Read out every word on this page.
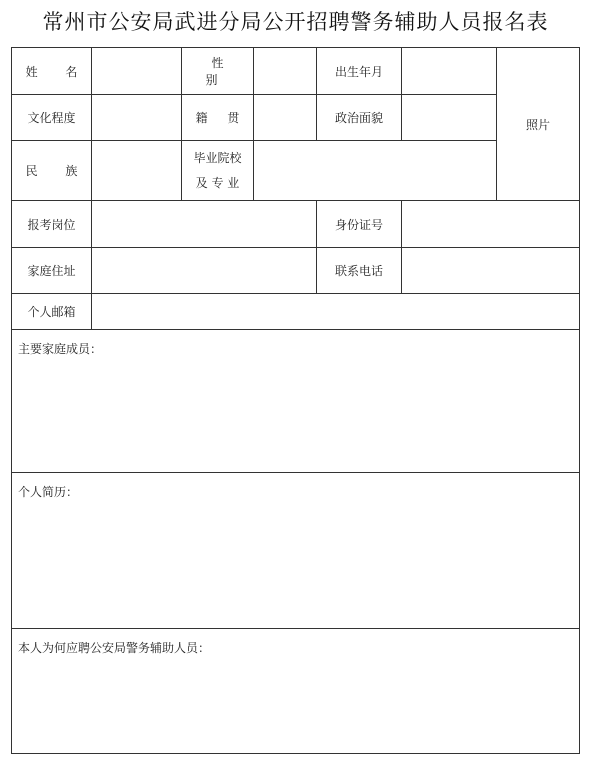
常州市公安局武进分局公开招聘警务辅助人员报名表
姓 名		性 别		出生年月		照片
文化程度		籍 贯		政治面貌		
民 族		毕业院校
及 专 业				
报考岗位				身份证号		
家庭住址				联系电话		
个人邮箱						
主要家庭成员：						
个人简历：						
本人为何应聘公安局警务辅助人员：						
